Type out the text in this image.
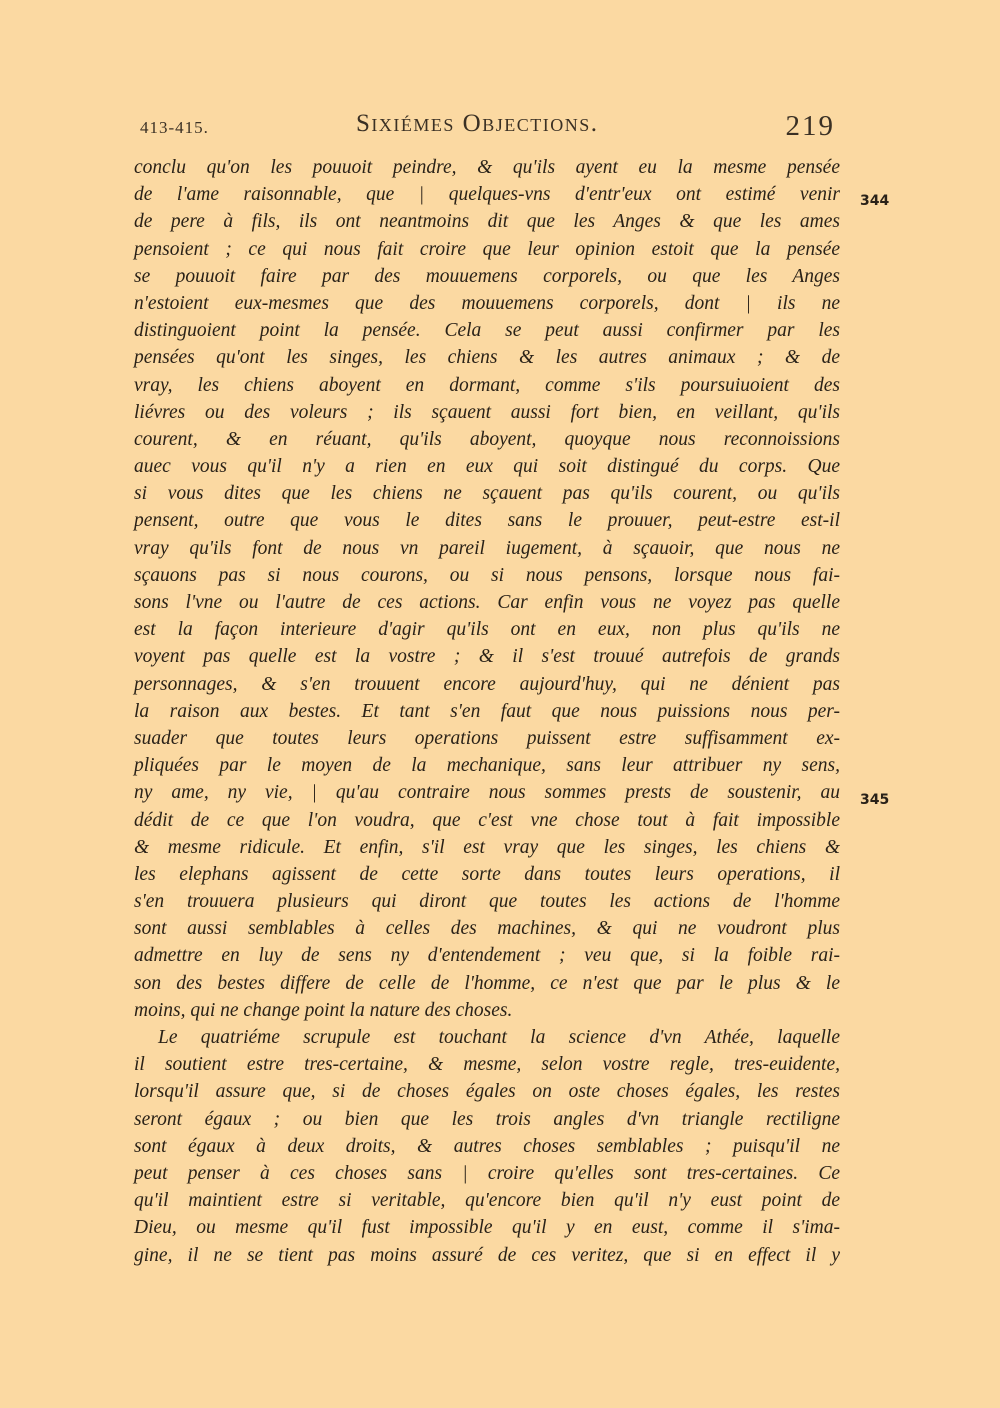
413-415.	Sixiémes Objections.	219
conclu qu'on les pouuoit peindre, & qu'ils ayent eu la mesme pensée
de l'ame raisonnable, que | quelques-vns d'entr'eux ont estimé venir
de pere à fils, ils ont neantmoins dit que les Anges & que les ames
pensoient ; ce qui nous fait croire que leur opinion estoit que la pensée
se pouuoit faire par des mouuemens corporels, ou que les Anges
n'estoient eux-mesmes que des mouuemens corporels, dont | ils ne
distinguoient point la pensée. Cela se peut aussi confirmer par les
pensées qu'ont les singes, les chiens & les autres animaux ; & de
vray, les chiens aboyent en dormant, comme s'ils poursuiuoient des
liévres ou des voleurs ; ils sçauent aussi fort bien, en veillant, qu'ils
courent, & en réuant, qu'ils aboyent, quoyque nous reconnoissions
auec vous qu'il n'y a rien en eux qui soit distingué du corps. Que
si vous dites que les chiens ne sçauent pas qu'ils courent, ou qu'ils
pensent, outre que vous le dites sans le prouuer, peut-estre est-il
vray qu'ils font de nous vn pareil iugement, à sçauoir, que nous ne
sçauons pas si nous courons, ou si nous pensons, lorsque nous fai-
sons l'vne ou l'autre de ces actions. Car enfin vous ne voyez pas quelle
est la façon interieure d'agir qu'ils ont en eux, non plus qu'ils ne
voyent pas quelle est la vostre ; & il s'est trouué autrefois de grands
personnages, & s'en trouuent encore aujourd'huy, qui ne dénient pas
la raison aux bestes. Et tant s'en faut que nous puissions nous per-
suader que toutes leurs operations puissent estre suffisamment ex-
pliquées par le moyen de la mechanique, sans leur attribuer ny sens,
ny ame, ny vie, | qu'au contraire nous sommes prests de soustenir, au
dédit de ce que l'on voudra, que c'est vne chose tout à fait impossible
& mesme ridicule. Et enfin, s'il est vray que les singes, les chiens &
les elephans agissent de cette sorte dans toutes leurs operations, il
s'en trouuera plusieurs qui diront que toutes les actions de l'homme
sont aussi semblables à celles des machines, & qui ne voudront plus
admettre en luy de sens ny d'entendement ; veu que, si la foible rai-
son des bestes differe de celle de l'homme, ce n'est que par le plus & le
moins, qui ne change point la nature des choses.
Le quatriéme scrupule est touchant la science d'vn Athée, laquelle
il soutient estre tres-certaine, & mesme, selon vostre regle, tres-euidente,
lorsqu'il assure que, si de choses égales on oste choses égales, les restes
seront égaux ; ou bien que les trois angles d'vn triangle rectiligne
sont égaux à deux droits, & autres choses semblables ; puisqu'il ne
peut penser à ces choses sans | croire qu'elles sont tres-certaines. Ce
qu'il maintient estre si veritable, qu'encore bien qu'il n'y eust point de
Dieu, ou mesme qu'il fust impossible qu'il y en eust, comme il s'ima-
gine, il ne se tient pas moins assuré de ces veritez, que si en effect il y
344
345
